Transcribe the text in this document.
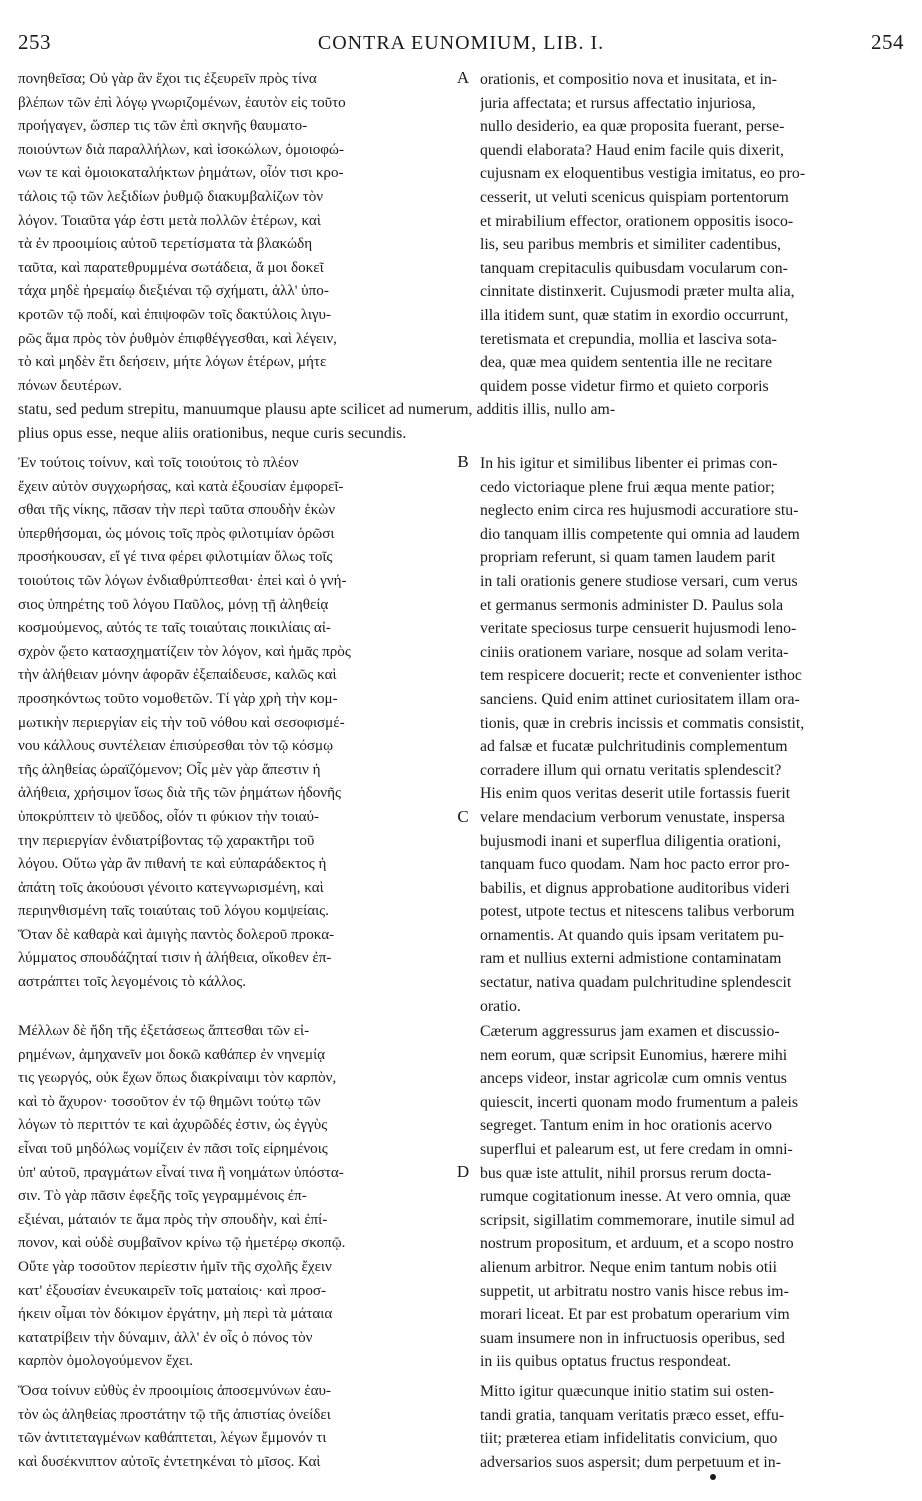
253	CONTRA EUNOMIUM, LIB. I.	254
A
B
C
D
πονηθεῖσα; Οὐ γὰρ ἂν ἔχοι τις ἐξευρεῖν πρὸς τίνα
βλέπων τῶν ἐπὶ λόγῳ γνωριζομένων, ἑαυτὸν εἰς τοῦτο
προήγαγεν, ὥσπερ τις τῶν ἐπὶ σκηνῆς θαυματο-
ποιούντων διὰ παραλλήλων, καὶ ἰσοκώλων, ὁμοιοφώ-
νων τε καὶ ὁμοιοκαταλήκτων ῥημάτων, οἷόν τισι κρο-
τάλοις τῷ τῶν λεξιδίων ῥυθμῷ διακυμβαλίζων τὸν
λόγον. Τοιαῦτα γάρ ἐστι μετὰ πολλῶν ἑτέρων, καὶ
τὰ ἐν προοιμίοις αὐτοῦ τερετίσματα τὰ βλακώδη
ταῦτα, καὶ παρατεθρυμμένα σωτάδεια, ἅ μοι δοκεῖ
τάχα μηδὲ ἠρεμαίῳ διεξιέναι τῷ σχήματι, ἀλλ' ὑπο-
κροτῶν τῷ ποδί, καὶ ἐπιψοφῶν τοῖς δακτύλοις λιγυ-
ρῶς ἅμα πρὸς τὸν ῥυθμὸν ἐπιφθέγγεσθαι, καὶ λέγειν,
τὸ καὶ μηδὲν ἔτι δεήσειν, μήτε λόγων ἑτέρων, μήτε
πόνων δευτέρων.
orationis, et compositio nova et inusitata, et in-
juria affectata; et rursus affectatio injuriosa,
nullo desiderio, ea quæ proposita fuerant, perse-
quendi elaborata? Haud enim facile quis dixerit,
cujusnam ex eloquentibus vestigia imitatus, eo pro-
cesserit, ut veluti scenicus quispiam portentorum
et mirabilium effector, orationem oppositis isoco-
lis, seu paribus membris et similiter cadentibus,
tanquam crepitaculis quibusdam vocularum con-
cinnitate distinxerit. Cujusmodi præter multa alia,
illa itidem sunt, quæ statim in exordio occurrunt,
teretismata et crepundia, mollia et lasciva sota-
dea, quæ mea quidem sententia ille ne recitare
quidem posse videtur firmo et quieto corporis
statu, sed pedum strepitu, manuumque plausu apte scilicet ad numerum, additis illis, nullo am-
plius opus esse, neque aliis orationibus, neque curis secundis.
Ἐν τούτοις τοίνυν, καὶ τοῖς τοιούτοις τὸ πλέον
ἔχειν αὐτὸν συγχωρήσας, καὶ κατὰ ἐξουσίαν ἐμφορεῖ-
σθαι τῆς νίκης, πᾶσαν τὴν περὶ ταῦτα σπουδὴν ἑκὼν
ὑπερθήσομαι, ὡς μόνοις τοῖς πρὸς φιλοτιμίαν ὁρῶσι
προσήκουσαν, εἴ γέ τινα φέρει φιλοτιμίαν ὅλως τοῖς
τοιούτοις τῶν λόγων ἐνδιαθρύπτεσθαι· ἐπεὶ καὶ ὁ γνή-
σιος ὑπηρέτης τοῦ λόγου Παῦλος, μόνῃ τῇ ἀληθείᾳ
κοσμούμενος, αὐτός τε ταῖς τοιαύταις ποικιλίαις αἰ-
σχρὸν ᾤετο κατασχηματίζειν τὸν λόγον, καὶ ἡμᾶς πρὸς
τὴν ἀλήθειαν μόνην ἀφορᾶν ἐξεπαίδευσε, καλῶς καὶ
προσηκόντως τοῦτο νομοθετῶν. Τί γὰρ χρὴ τὴν κομ-
μωτικὴν περιεργίαν εἰς τὴν τοῦ νόθου καὶ σεσοφισμέ-
νου κάλλους συντέλειαν ἐπισύρεσθαι τὸν τῷ κόσμῳ
τῆς ἀληθείας ὡραϊζόμενον; Οἷς μὲν γὰρ ἄπεστιν ἡ
ἀλήθεια, χρήσιμον ἴσως διὰ τῆς τῶν ῥημάτων ἡδονῆς
ὑποκρύπτειν τὸ ψεῦδος, οἷόν τι φύκιον τὴν τοιαύ-
την περιεργίαν ἐνδιατρίβοντας τῷ χαρακτῆρι τοῦ
λόγου. Οὕτω γὰρ ἂν πιθανή τε καὶ εὐπαράδεκτος ἡ
ἀπάτη τοῖς ἀκούουσι γένοιτο κατεγνωρισμένη, καὶ
περιηνθισμένη ταῖς τοιαύταις τοῦ λόγου κομψείαις.
Ὅταν δὲ καθαρὰ καὶ ἀμιγὴς παντὸς δολεροῦ προκα-
λύμματος σπουδάζηταί τισιν ἡ ἀλήθεια, οἴκοθεν ἐπ-
αστράπτει τοῖς λεγομένοις τὸ κάλλος.
In his igitur et similibus libenter ei primas con-
cedo victoriaque plene frui æqua mente patior;
neglecto enim circa res hujusmodi accuratiore stu-
dio tanquam illis competente qui omnia ad laudem
propriam referunt, si quam tamen laudem parit
in tali orationis genere studiose versari, cum verus
et germanus sermonis administer D. Paulus sola
veritate speciosus turpe censuerit hujusmodi leno-
ciniis orationem variare, nosque ad solam verita-
tem respicere docuerit; recte et convenienter isthoc
sanciens. Quid enim attinet curiositatem illam ora-
tionis, quæ in crebris incissis et commatis consistit,
ad falsæ et fucatæ pulchritudinis complementum
corradere illum qui ornatu veritatis splendescit?
His enim quos veritas deserit utile fortassis fuerit
velare mendacium verborum venustate, inspersa
bujusmodi inani et superflua diligentia orationi,
tanquam fuco quodam. Nam hoc pacto error pro-
babilis, et dignus approbatione auditoribus videri
potest, utpote tectus et nitescens talibus verborum
ornamentis. At quando quis ipsam veritatem pu-
ram et nullius externi admistione contaminatam
sectatur, nativa quadam pulchritudine splendescit
oratio.
Μέλλων δὲ ἤδη τῆς ἐξετάσεως ἅπτεσθαι τῶν εἰ-
ρημένων, ἀμηχανεῖν μοι δοκῶ καθάπερ ἐν νηνεμίᾳ
τις γεωργός, οὐκ ἔχων ὅπως διακρίναιμι τὸν καρπὸν,
καὶ τὸ ἄχυρον· τοσοῦτον ἐν τῷ θημῶνι τούτῳ τῶν
λόγων τὸ περιττόν τε καὶ ἀχυρῶδές ἐστιν, ὡς ἐγγὺς
εἶναι τοῦ μηδόλως νομίζειν ἐν πᾶσι τοῖς εἰρημένοις
ὑπ' αὐτοῦ, πραγμάτων εἶναί τινα ἢ νοημάτων ὑπόστα-
σιν. Τὸ γὰρ πᾶσιν ἐφεξῆς τοῖς γεγραμμένοις ἐπ-
εξιέναι, μάταιόν τε ἅμα πρὸς τὴν σπουδὴν, καὶ ἐπί-
πονον, καὶ οὐδὲ συμβαῖνον κρίνω τῷ ἡμετέρῳ σκοπῷ.
Οὔτε γὰρ τοσοῦτον περίεστιν ἡμῖν τῆς σχολῆς ἔχειν
κατ' ἐξουσίαν ἐνευκαιρεῖν τοῖς ματαίοις· καὶ προσ-
ήκειν οἶμαι τὸν δόκιμον ἐργάτην, μὴ περὶ τὰ μάταια
κατατρίβειν τὴν δύναμιν, ἀλλ' ἐν οἷς ὁ πόνος τὸν
καρπὸν ὁμολογούμενον ἔχει.
Cæterum aggressurus jam examen et discussio-
nem eorum, quæ scripsit Eunomius, hærere mihi
anceps videor, instar agricolæ cum omnis ventus
quiescit, incerti quonam modo frumentum a paleis
segreget. Tantum enim in hoc orationis acervo
superflui et palearum est, ut fere credam in omni-
bus quæ iste attulit, nihil prorsus rerum docta-
rumque cogitationum inesse. At vero omnia, quæ
scripsit, sigillatim commemorare, inutile simul ad
nostrum propositum, et arduum, et a scopo nostro
alienum arbitror. Neque enim tantum nobis otii
suppetit, ut arbitratu nostro vanis hisce rebus im-
morari liceat. Et par est probatum operarium vim
suam insumere non in infructuosis operibus, sed
in iis quibus optatus fructus respondeat.
Ὅσα τοίνυν εὐθὺς ἐν προοιμίοις ἀποσεμνύνων ἑαυ-
τὸν ὡς ἀληθείας προστάτην τῷ τῆς ἀπιστίας ὀνείδει
τῶν ἀντιτεταγμένων καθάπτεται, λέγων ἔμμονόν τι
καὶ δυσέκνιπτον αὐτοῖς ἐντετηκέναι τὸ μῖσος. Καὶ
Mitto igitur quæcunque initio statim sui osten-
tandi gratia, tanquam veritatis præco esset, effu-
tiit; præterea etiam infidelitatis convicium, quo
adversarios suos aspersit; dum perpetuum et in-
